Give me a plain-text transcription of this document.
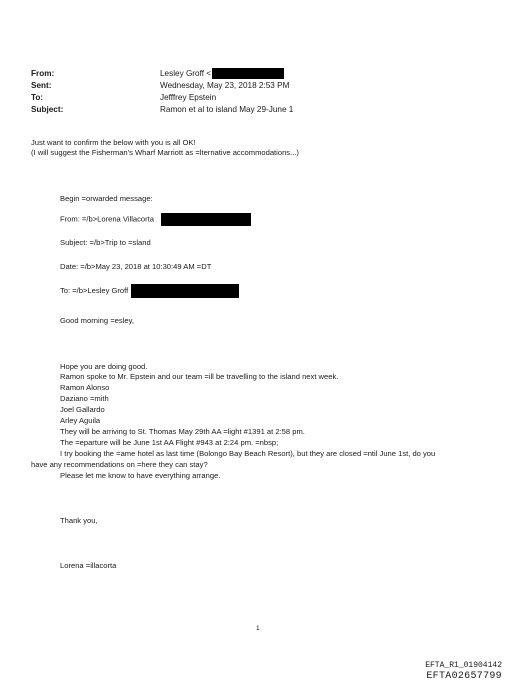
From:	Lesley Groff <
Sent:	Wednesday, May 23, 2018 2:53 PM
To:	Jefffrey Epstein
Subject:	Ramon et al to island May 29-June 1
Just want to confirm the below with you is all OK!
(I will suggest the Fisherman's Wharf Marriott as =lternative accommodations...)
Begin =orwarded message:
From: =/b>Lorena Villacorta
Subject: =/b>Trip to =sland
Date: =/b>May 23, 2018 at 10:30:49 AM =DT
To: =/b>Lesley Groff
Good morning =esley,
Hope you are doing good.
Ramon spoke to Mr. Epstein and our team =ill be travelling to the island next week.
Ramon Alonso
Daziano =mith
Joel Gallardo
Arley Aguila
They will be arriving to St. Thomas May 29th AA =light #1391 at 2:58 pm.
The =eparture will be June 1st AA Flight #943 at 2:24 pm. =nbsp;
I try booking the =ame hotel as last time (Bolongo Bay Beach Resort), but they are closed =ntil June 1st, do you
have any recommendations on =here they can stay?
Please let me know to have everything arrange.
Thank you,
Lorena =illacorta
1
EFTA_R1_01904142
EFTA02657799
